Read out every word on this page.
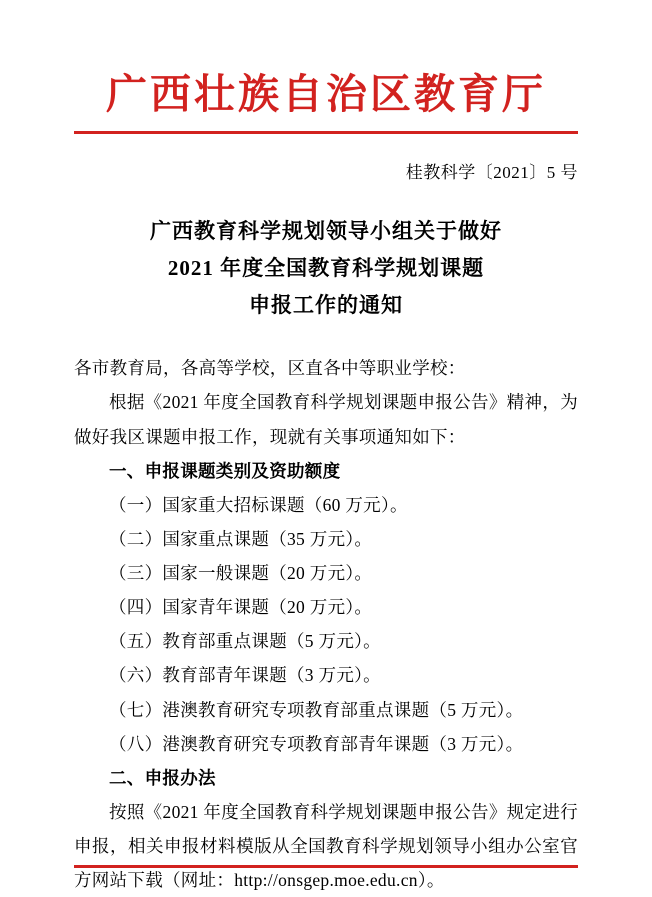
广西壮族自治区教育厅
桂教科学〔2021〕5 号
广西教育科学规划领导小组关于做好
2021 年度全国教育科学规划课题
申报工作的通知

各市教育局，各高等学校，区直各中等职业学校：

根据《2021 年度全国教育科学规划课题申报公告》精神，为做好我区课题申报工作，现就有关事项通知如下：

一、申报课题类别及资助额度

（一）国家重大招标课题（60 万元）。

（二）国家重点课题（35 万元）。

（三）国家一般课题（20 万元）。

（四）国家青年课题（20 万元）。

（五）教育部重点课题（5 万元）。

（六）教育部青年课题（3 万元）。

（七）港澳教育研究专项教育部重点课题（5 万元）。

（八）港澳教育研究专项教育部青年课题（3 万元）。

二、申报办法

按照《2021 年度全国教育科学规划课题申报公告》规定进行申报，相关申报材料模版从全国教育科学规划领导小组办公室官方网站下载（网址：http://onsgep.moe.edu.cn）。
